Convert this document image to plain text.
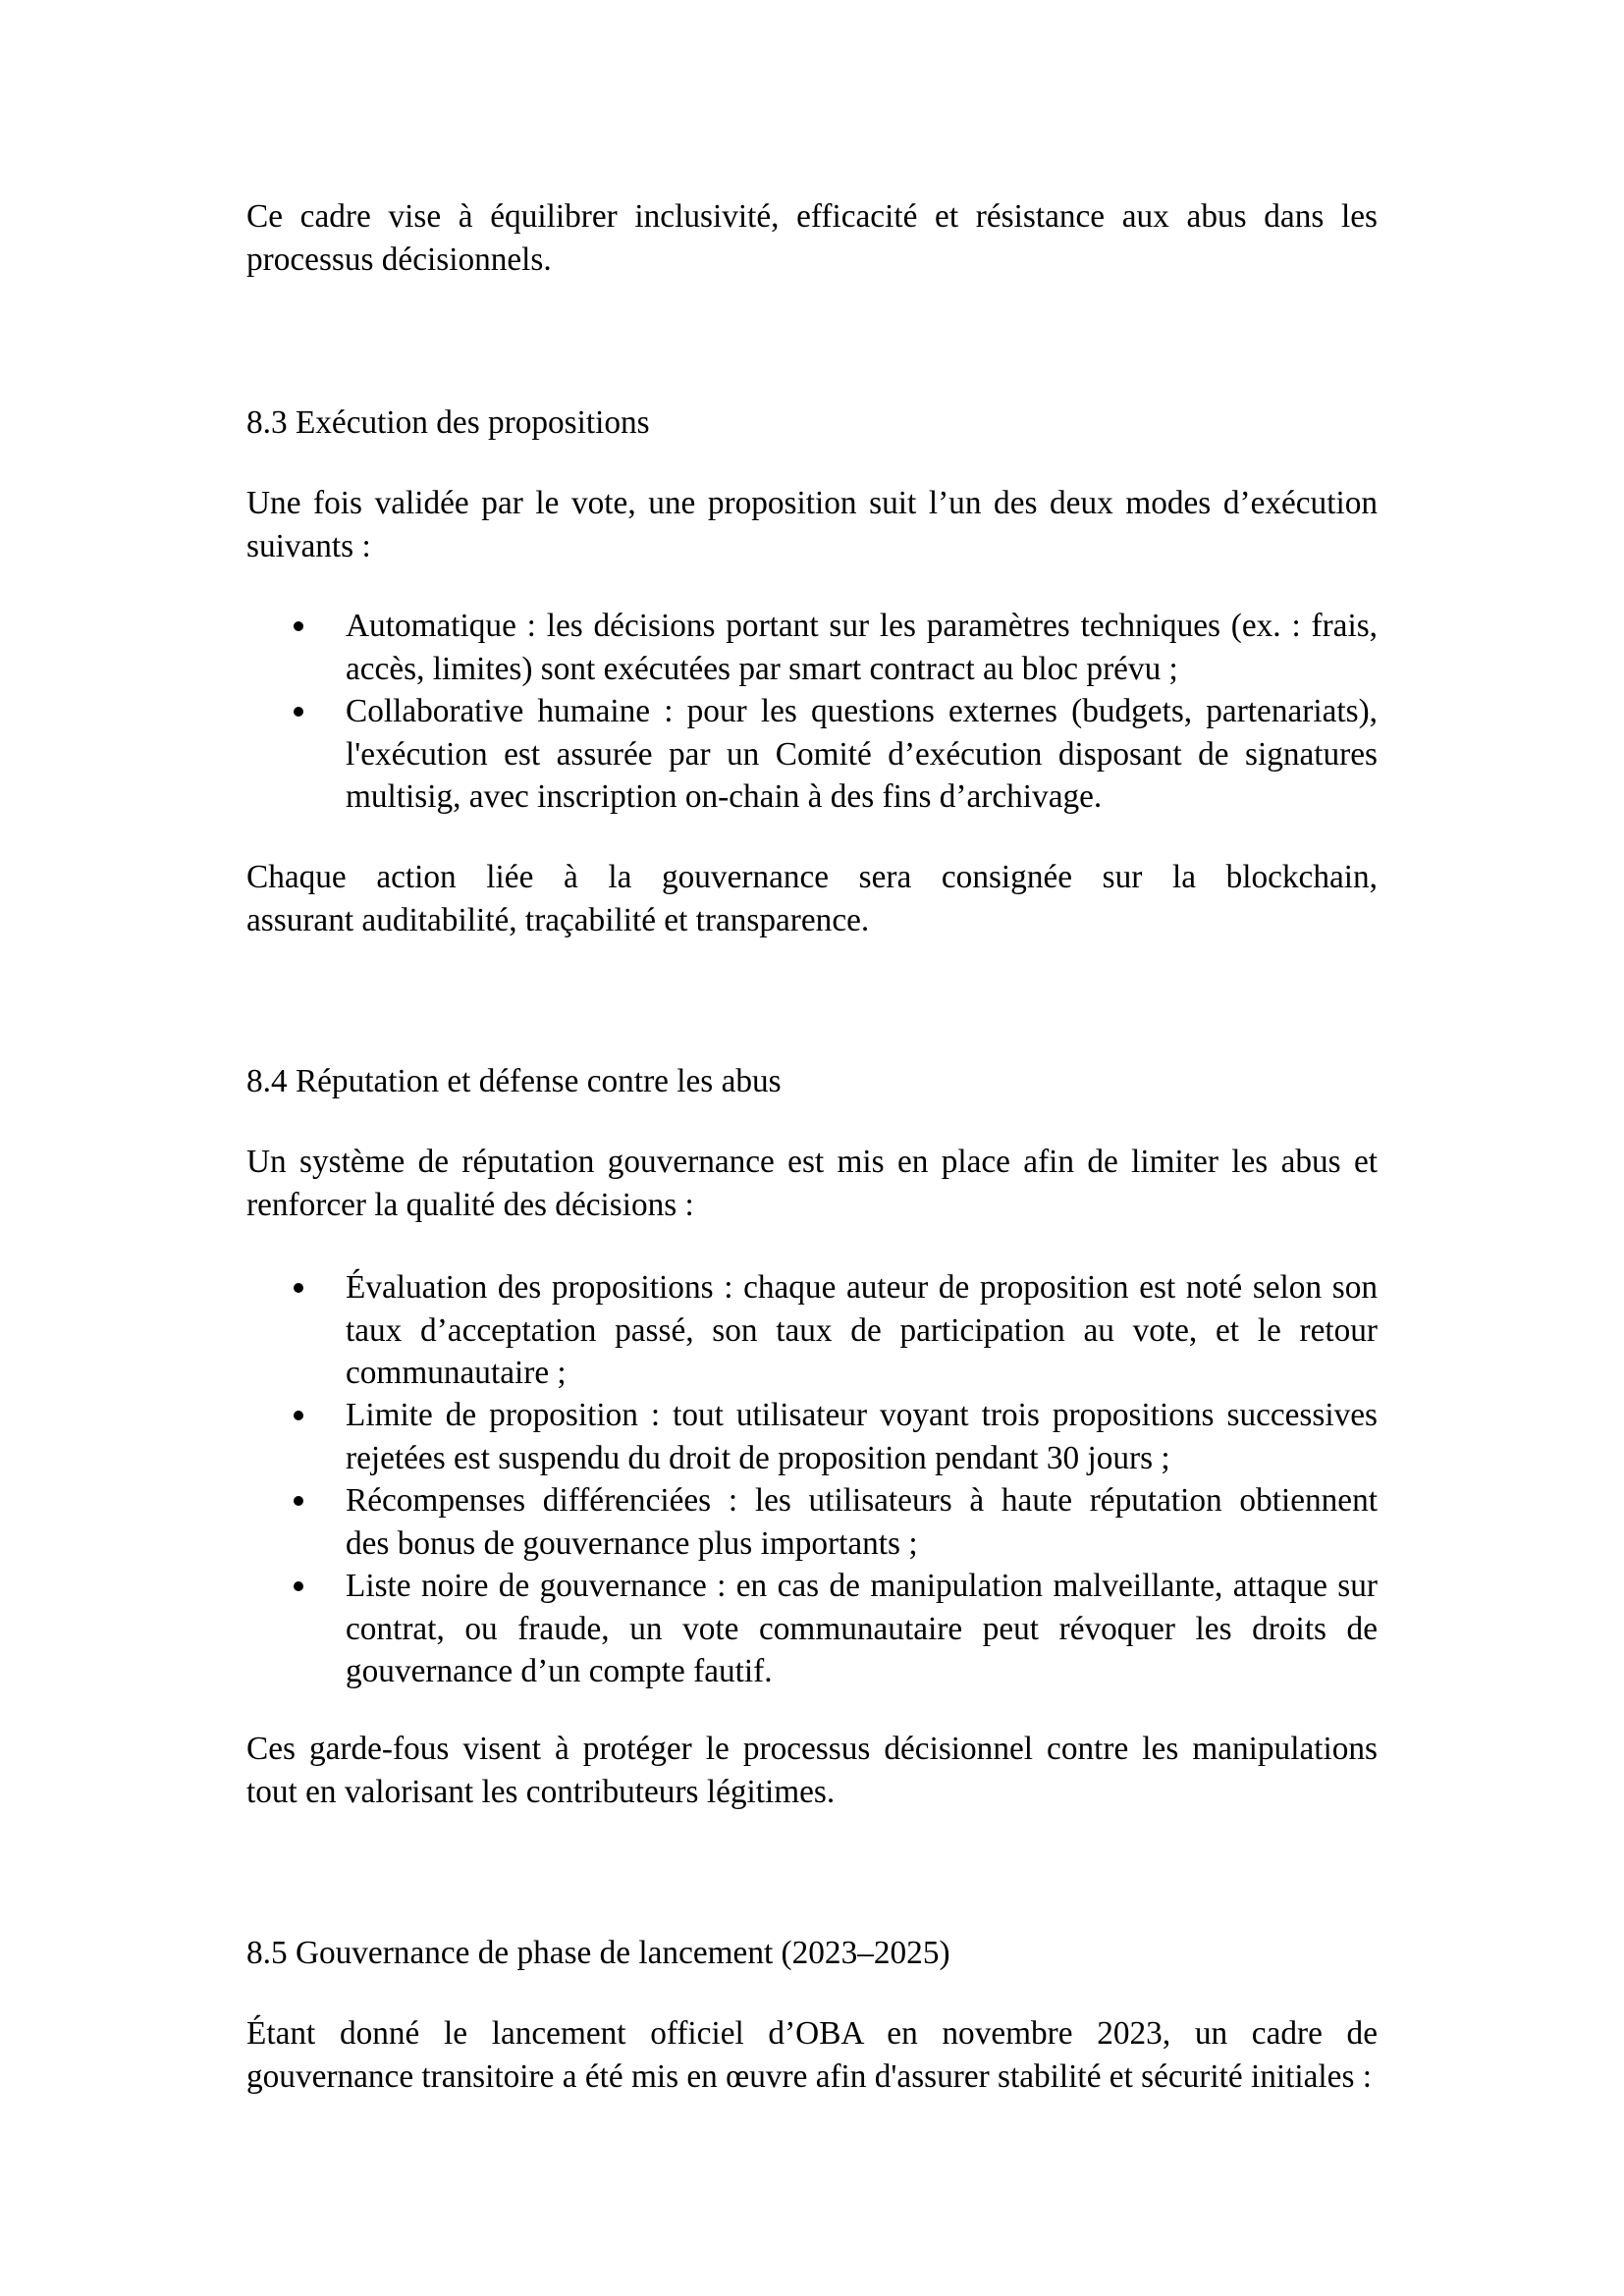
Ce cadre vise à équilibrer inclusivité, efficacité et résistance aux abus dans les
processus décisionnels.
8.3 Exécution des propositions
Une fois validée par le vote, une proposition suit l’un des deux modes d’exécution
suivants :
Automatique : les décisions portant sur les paramètres techniques (ex. : frais,
accès, limites) sont exécutées par smart contract au bloc prévu ;
Collaborative humaine : pour les questions externes (budgets, partenariats),
l'exécution est assurée par un Comité d’exécution disposant de signatures
multisig, avec inscription on-chain à des fins d’archivage.
Chaque action liée à la gouvernance sera consignée sur la blockchain,
assurant auditabilité, traçabilité et transparence.
8.4 Réputation et défense contre les abus
Un système de réputation gouvernance est mis en place afin de limiter les abus et
renforcer la qualité des décisions :
Évaluation des propositions : chaque auteur de proposition est noté selon son
taux d’acceptation passé, son taux de participation au vote, et le retour
communautaire ;
Limite de proposition : tout utilisateur voyant trois propositions successives
rejetées est suspendu du droit de proposition pendant 30 jours ;
Récompenses différenciées : les utilisateurs à haute réputation obtiennent
des bonus de gouvernance plus importants ;
Liste noire de gouvernance : en cas de manipulation malveillante, attaque sur
contrat, ou fraude, un vote communautaire peut révoquer les droits de
gouvernance d’un compte fautif.
Ces garde-fous visent à protéger le processus décisionnel contre les manipulations
tout en valorisant les contributeurs légitimes.
8.5 Gouvernance de phase de lancement (2023–2025)
Étant donné le lancement officiel d’OBA en novembre 2023, un cadre de
gouvernance transitoire a été mis en œuvre afin d'assurer stabilité et sécurité initiales :
